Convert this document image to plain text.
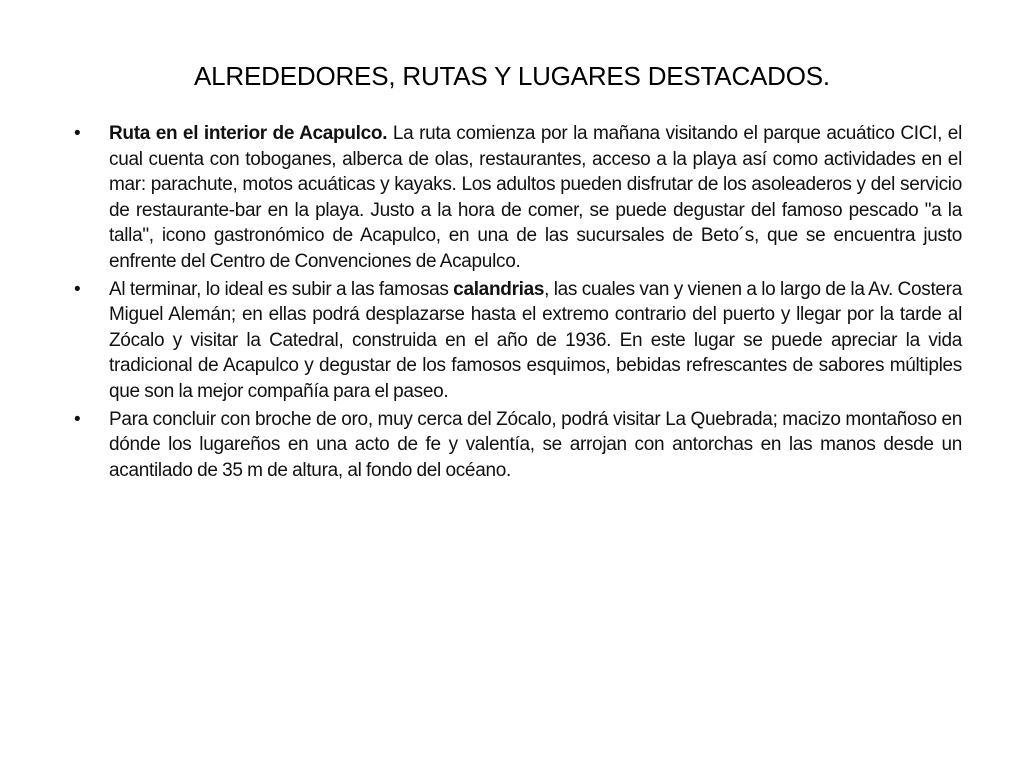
ALREDEDORES, RUTAS Y LUGARES DESTACADOS.
• Ruta en el interior de Acapulco. La ruta comienza por la mañana visitando el parque acuático CICI, el cual cuenta con toboganes, alberca de olas, restaurantes, acceso a la playa así como actividades en el mar: parachute, motos acuáticas y kayaks. Los adultos pueden disfrutar de los asoleaderos y del servicio de restaurante-bar en la playa. Justo a la hora de comer, se puede degustar del famoso pescado "a la talla", icono gastronómico de Acapulco, en una de las sucursales de Beto´s, que se encuentra justo enfrente del Centro de Convenciones de Acapulco.
• Al terminar, lo ideal es subir a las famosas calandrias, las cuales van y vienen a lo largo de la Av. Costera Miguel Alemán; en ellas podrá desplazarse hasta el extremo contrario del puerto y llegar por la tarde al Zócalo y visitar la Catedral, construida en el año de 1936. En este lugar se puede apreciar la vida tradicional de Acapulco y degustar de los famosos esquimos, bebidas refrescantes de sabores múltiples que son la mejor compañía para el paseo.
• Para concluir con broche de oro, muy cerca del Zócalo, podrá visitar La Quebrada; macizo montañoso en dónde los lugareños en una acto de fe y valentía, se arrojan con antorchas en las manos desde un acantilado de 35 m de altura, al fondo del océano.
